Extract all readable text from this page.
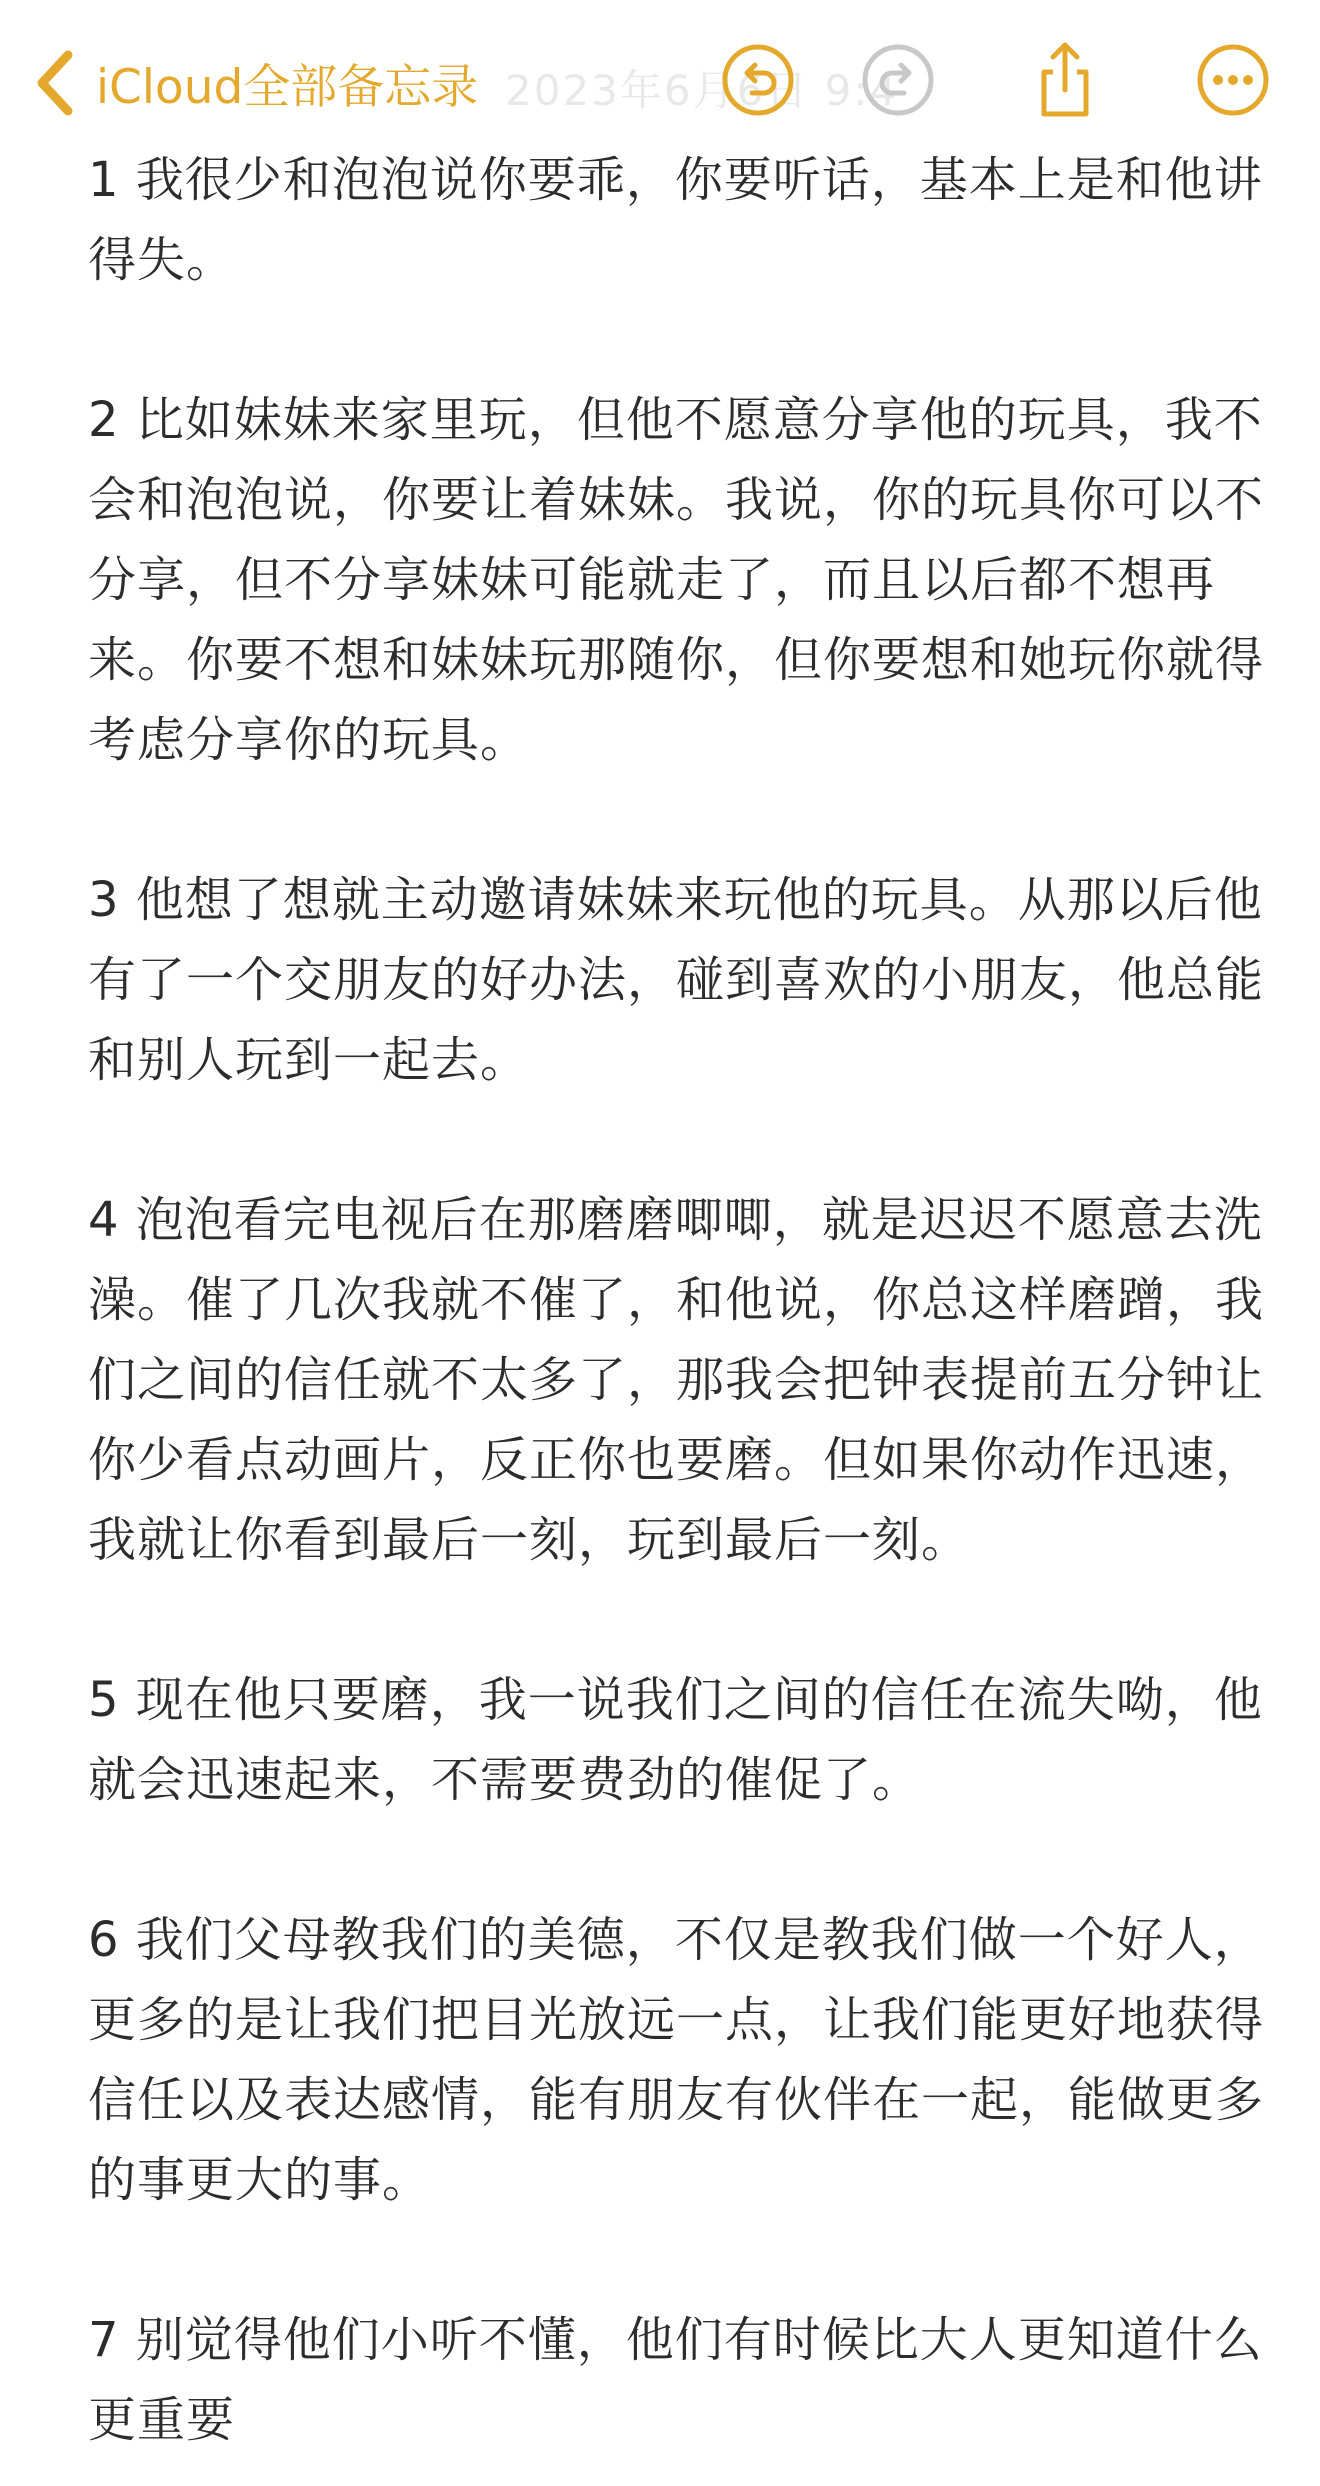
iCloud全部备忘录 2023年6月6日 9:4

1 我很少和泡泡说你要乖，你要听话，基本上是和他讲得失。

2 比如妹妹来家里玩，但他不愿意分享他的玩具，我不会和泡泡说，你要让着妹妹。我说，你的玩具你可以不分享，但不分享妹妹可能就走了，而且以后都不想再来。你要不想和妹妹玩那随你，但你要想和她玩你就得考虑分享你的玩具。

3 他想了想就主动邀请妹妹来玩他的玩具。从那以后他有了一个交朋友的好办法，碰到喜欢的小朋友，他总能和别人玩到一起去。

4 泡泡看完电视后在那磨磨唧唧，就是迟迟不愿意去洗澡。催了几次我就不催了，和他说，你总这样磨蹭，我们之间的信任就不太多了，那我会把钟表提前五分钟让你少看点动画片，反正你也要磨。但如果你动作迅速，我就让你看到最后一刻，玩到最后一刻。

5 现在他只要磨，我一说我们之间的信任在流失呦，他就会迅速起来，不需要费劲的催促了。

6 我们父母教我们的美德，不仅是教我们做一个好人，更多的是让我们把目光放远一点，让我们能更好地获得信任以及表达感情，能有朋友有伙伴在一起，能做更多的事更大的事。

7 别觉得他们小听不懂，他们有时候比大人更知道什么更重要
